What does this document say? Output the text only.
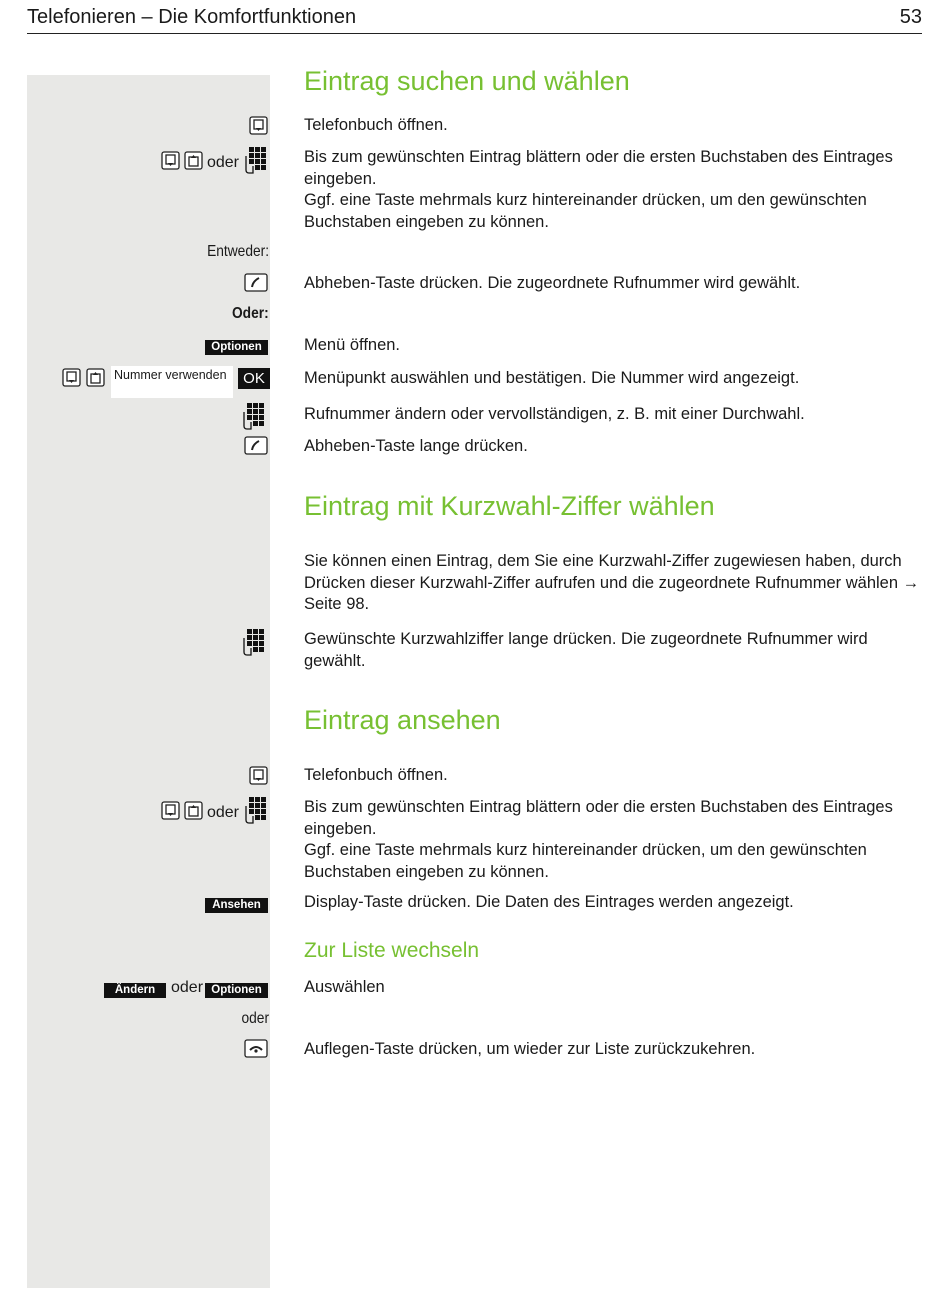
Telefonieren – Die Komfortfunktionen	53
Eintrag suchen und wählen
Telefonbuch öffnen.
oder	Bis zum gewünschten Eintrag blättern oder die ersten Buchstaben des Eintrages eingeben.
Ggf. eine Taste mehrmals kurz hintereinander drücken, um den gewünschten Buchstaben eingeben zu können.
Entweder:
Abheben-Taste drücken. Die zugeordnete Rufnummer wird gewählt.
Oder:
Optionen	Menü öffnen.
Nummer verwenden	OK	Menüpunkt auswählen und bestätigen. Die Nummer wird angezeigt.
Rufnummer ändern oder vervollständigen, z. B. mit einer Durchwahl.
Abheben-Taste lange drücken.
Eintrag mit Kurzwahl-Ziffer wählen
Sie können einen Eintrag, dem Sie eine Kurzwahl-Ziffer zugewiesen haben, durch Drücken dieser Kurzwahl-Ziffer aufrufen und die zugeordnete Rufnummer wählen → Seite 98.
Gewünschte Kurzwahlziffer lange drücken. Die zugeordnete Rufnummer wird gewählt.
Eintrag ansehen
Telefonbuch öffnen.
oder	Bis zum gewünschten Eintrag blättern oder die ersten Buchstaben des Eintrages eingeben.
Ggf. eine Taste mehrmals kurz hintereinander drücken, um den gewünschten Buchstaben eingeben zu können.
Ansehen	Display-Taste drücken. Die Daten des Eintrages werden angezeigt.
Zur Liste wechseln
Ändern oder Optionen	Auswählen
oder
Auflegen-Taste drücken, um wieder zur Liste zurückzukehren.
